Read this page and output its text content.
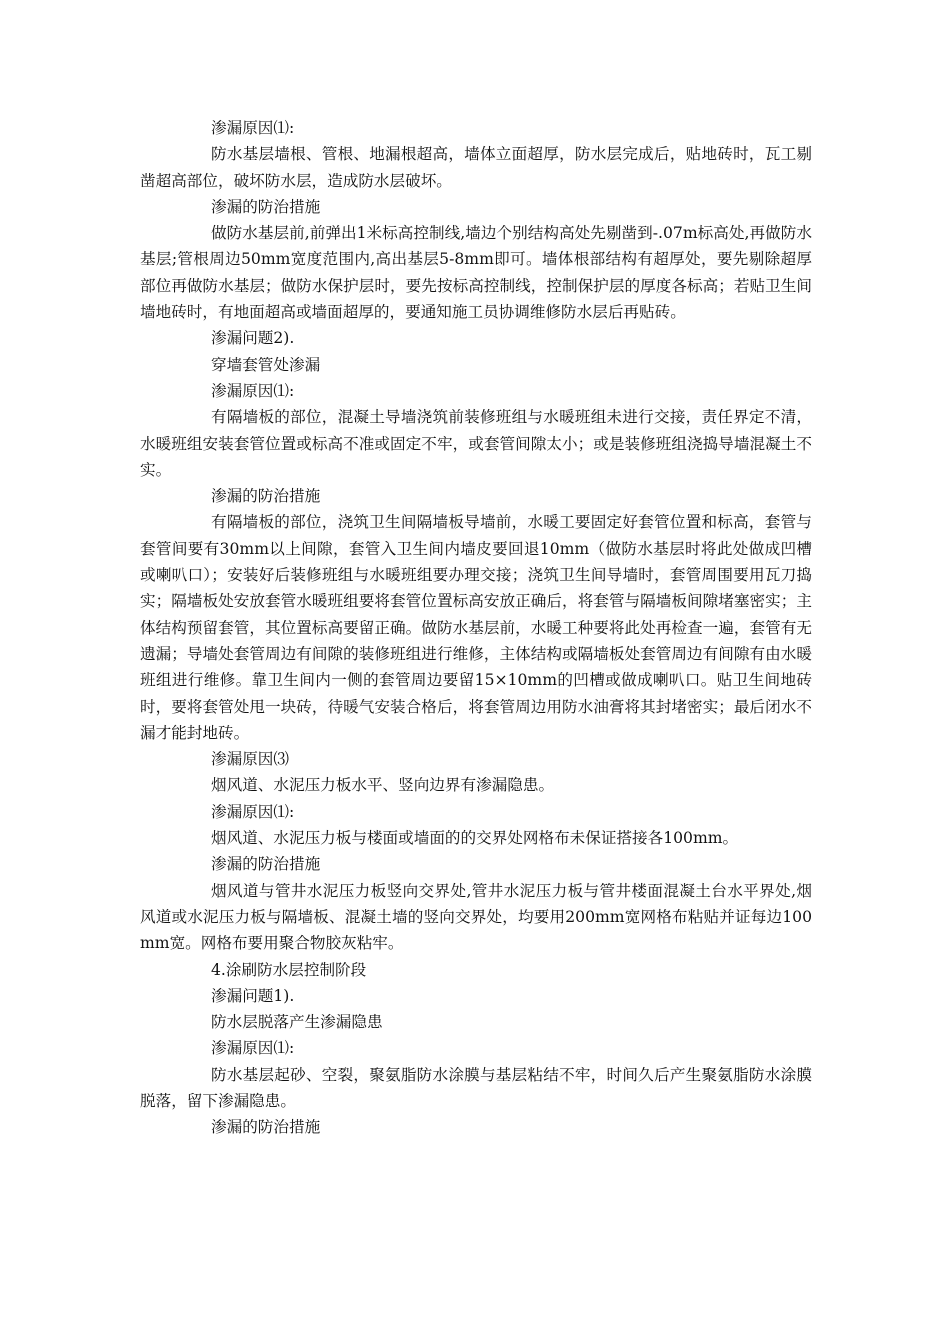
渗漏原因⑴:

防水基层墙根、管根、地漏根超高，墙体立面超厚，防水层完成后，贴地砖时，瓦工剔凿超高部位，破坏防水层，造成防水层破坏。

渗漏的防治措施

做防水基层前,前弹出1米标高控制线,墙边个别结构高处先剔凿到-.07m标高处,再做防水基层;管根周边50mm宽度范围内,高出基层5-8mm即可。墙体根部结构有超厚处，要先剔除超厚部位再做防水基层；做防水保护层时，要先按标高控制线，控制保护层的厚度各标高；若贴卫生间墙地砖时，有地面超高或墙面超厚的，要通知施工员协调维修防水层后再贴砖。

渗漏问题2).

穿墙套管处渗漏

渗漏原因⑴:

有隔墙板的部位，混凝土导墙浇筑前装修班组与水暖班组未进行交接，责任界定不清，水暖班组安装套管位置或标高不准或固定不牢，或套管间隙太小；或是装修班组浇捣导墙混凝土不实。

渗漏的防治措施

有隔墙板的部位，浇筑卫生间隔墙板导墙前，水暖工要固定好套管位置和标高，套管与套管间要有30mm以上间隙，套管入卫生间内墙皮要回退10mm（做防水基层时将此处做成凹槽或喇叭口）；安装好后装修班组与水暖班组要办理交接；浇筑卫生间导墙时，套管周围要用瓦刀捣实；隔墙板处安放套管水暖班组要将套管位置标高安放正确后，将套管与隔墙板间隙堵塞密实；主体结构预留套管，其位置标高要留正确。做防水基层前，水暖工种要将此处再检查一遍，套管有无遗漏；导墙处套管周边有间隙的装修班组进行维修，主体结构或隔墙板处套管周边有间隙有由水暖班组进行维修。靠卫生间内一侧的套管周边要留15×10mm的凹槽或做成喇叭口。贴卫生间地砖时，要将套管处甩一块砖，待暖气安装合格后，将套管周边用防水油膏将其封堵密实；最后闭水不漏才能封地砖。

渗漏原因⑶

烟风道、水泥压力板水平、竖向边界有渗漏隐患。

渗漏原因⑴:

烟风道、水泥压力板与楼面或墙面的的交界处网格布未保证搭接各100mm。

渗漏的防治措施

烟风道与管井水泥压力板竖向交界处,管井水泥压力板与管井楼面混凝土台水平界处,烟风道或水泥压力板与隔墙板、混凝土墙的竖向交界处，均要用200mm宽网格布粘贴并证每边100mm宽。网格布要用聚合物胶灰粘牢。

4.涂刷防水层控制阶段

渗漏问题1).

防水层脱落产生渗漏隐患

渗漏原因⑴:

防水基层起砂、空裂，聚氨脂防水涂膜与基层粘结不牢，时间久后产生聚氨脂防水涂膜脱落，留下渗漏隐患。

渗漏的防治措施
